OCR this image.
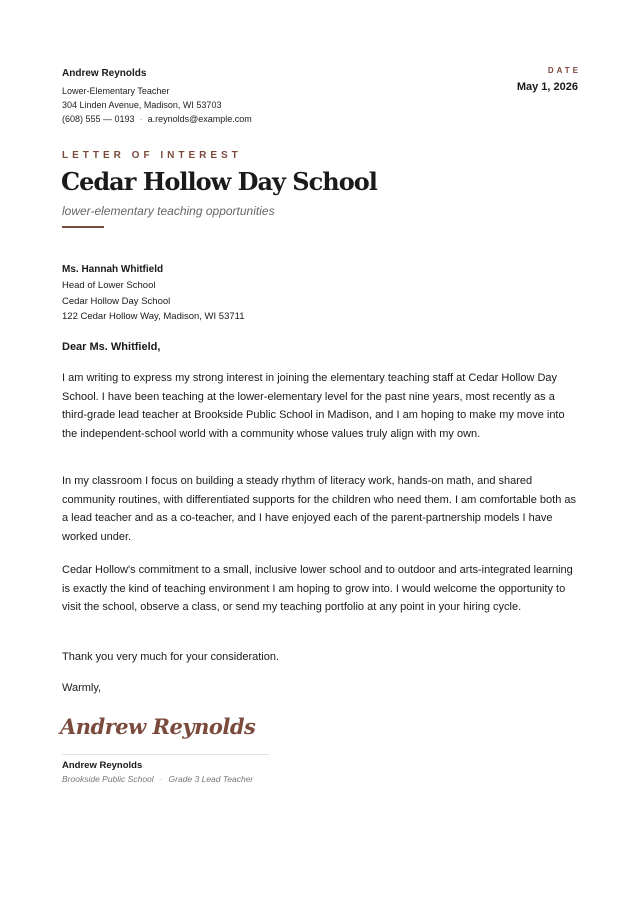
Andrew Reynolds
Lower-Elementary Teacher
304 Linden Avenue, Madison, WI 53703
(608) 555 — 0193 · a.reynolds@example.com
DATE
May 1, 2026
LETTER OF INTEREST
Cedar Hollow Day School
lower-elementary teaching opportunities
Ms. Hannah Whitfield
Head of Lower School
Cedar Hollow Day School
122 Cedar Hollow Way, Madison, WI 53711
Dear Ms. Whitfield,
I am writing to express my strong interest in joining the elementary teaching staff at Cedar Hollow Day School. I have been teaching at the lower-elementary level for the past nine years, most recently as a third-grade lead teacher at Brookside Public School in Madison, and I am hoping to make my move into the independent-school world with a community whose values truly align with my own.
In my classroom I focus on building a steady rhythm of literacy work, hands-on math, and shared community routines, with differentiated supports for the children who need them. I am comfortable both as a lead teacher and as a co-teacher, and I have enjoyed each of the parent-partnership models I have worked under.
Cedar Hollow's commitment to a small, inclusive lower school and to outdoor and arts-integrated learning is exactly the kind of teaching environment I am hoping to grow into. I would welcome the opportunity to visit the school, observe a class, or send my teaching portfolio at any point in your hiring cycle.
Thank you very much for your consideration.
Warmly,
Andrew Reynolds
Andrew Reynolds
Brookside Public School · Grade 3 Lead Teacher
